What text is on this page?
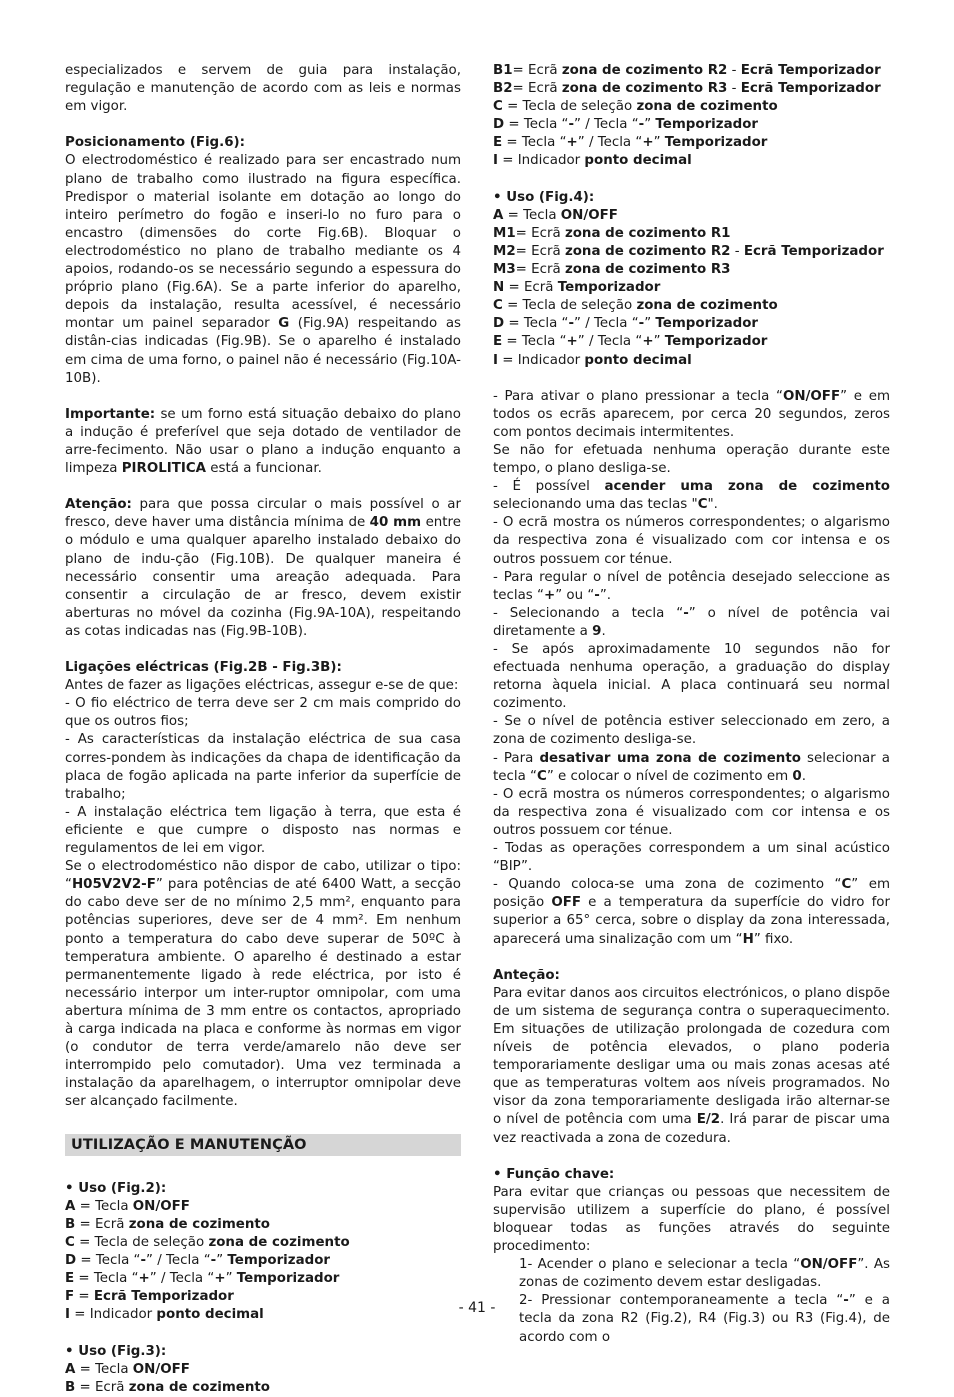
especializados e servem de guia para instalação, regulação e manutenção de acordo com as leis e normas em vigor.

Posicionamento (Fig.6):

O electrodoméstico é realizado para ser encastrado num plano de trabalho como ilustrado na figura específica. Predispor o material isolante em dotação ao longo do inteiro perímetro do fogão e inseri-lo no furo para o encastro (dimensões do corte Fig.6B). Bloquar o electrodoméstico no plano de trabalho mediante os 4 apoios, rodando-os se necessário segundo a espessura do próprio plano (Fig.6A). Se a parte inferior do aparelho, depois da instalação, resulta acessível, é necessário montar um painel separador G (Fig.9A) respeitando as distân-cias indicadas (Fig.9B). Se o aparelho é instalado em cima de uma forno, o painel não é necessário (Fig.10A-10B).

Importante: se um forno está situação debaixo do plano a indução é preferível que seja dotado de ventilador de arre-fecimento. Não usar o plano a indução enquanto a limpeza PIROLITICA está a funcionar.

Atenção: para que possa circular o mais possível o ar fresco, deve haver uma distância mínima de 40 mm entre o módulo e uma qualquer aparelho instalado debaixo do plano de indu-ção (Fig.10B). De qualquer maneira é necessário consentir uma areação adequada. Para consentir a circulação de ar fresco, devem existir aberturas no móvel da cozinha (Fig.9A-10A), respeitando as cotas indicadas nas (Fig.9B-10B).

Ligações eléctricas (Fig.2B - Fig.3B):

Antes de fazer as ligações eléctricas, assegur e-se de que:

- O fio eléctrico de terra deve ser 2 cm mais comprido do que os outros fios;

- As características da instalação eléctrica de sua casa corres-pondem às indicações da chapa de identificação da placa de fogão aplicada na parte inferior da superfície de trabalho;

- A instalação eléctrica tem ligação à terra, que esta é eficiente e que cumpre o disposto nas normas e regulamentos de lei em vigor.

Se o electrodoméstico não dispor de cabo, utilizar o tipo: “H05V2V2-F” para potências de até 6400 Watt, a secção do cabo deve ser de no mínimo 2,5 mm², enquanto para potências superiores, deve ser de 4 mm². Em nenhum ponto a temperatura do cabo deve superar de 50ºC à temperatura ambiente. O aparelho é destinado a estar permanentemente ligado à rede eléctrica, por isto é necessário interpor um inter-ruptor omnipolar, com uma abertura mínima de 3 mm entre os contactos, apropriado à carga indicada na placa e conforme às normas em vigor (o condutor de terra verde/amarelo não deve ser interrompido pelo comutador). Uma vez terminada a instalação da aparelhagem, o interruptor omnipolar deve ser alcançado facilmente.

UTILIZAÇÃO E MANUTENÇÃO

• Uso (Fig.2):

A = Tecla ON/OFF

B = Ecrã zona de cozimento

C = Tecla de seleção zona de cozimento

D = Tecla “-” / Tecla “-” Temporizador

E = Tecla “+” / Tecla “+” Temporizador

F = Ecrã Temporizador

I = Indicador ponto decimal

• Uso (Fig.3):

A = Tecla ON/OFF

B = Ecrã zona de cozimento

B1= Ecrã zona de cozimento R2 - Ecrã Temporizador

B2= Ecrã zona de cozimento R3 - Ecrã Temporizador

C = Tecla de seleção zona de cozimento

D = Tecla “-” / Tecla “-” Temporizador

E = Tecla “+” / Tecla “+” Temporizador

I = Indicador ponto decimal

• Uso (Fig.4):

A = Tecla ON/OFF

M1= Ecrã zona de cozimento R1

M2= Ecrã zona de cozimento R2 - Ecrã Temporizador

M3= Ecrã zona de cozimento R3

N = Ecrã Temporizador

C = Tecla de seleção zona de cozimento

D = Tecla “-” / Tecla “-” Temporizador

E = Tecla “+” / Tecla “+” Temporizador

I = Indicador ponto decimal

- Para ativar o plano pressionar a tecla “ON/OFF” e em todos os ecrãs aparecem, por cerca 20 segundos, zeros com pontos decimais intermitentes.

Se não for efetuada nenhuma operação durante este tempo, o plano desliga-se.

- É possível acender uma zona de cozimento selecionando uma das teclas "C".

- O ecrã mostra os números correspondentes; o algarismo da respectiva zona é visualizado com cor intensa e os outros possuem cor ténue.

- Para regular o nível de potência desejado seleccione as teclas “+” ou “-”.

- Selecionando a tecla “-” o nível de potência vai diretamente a 9.

- Se após aproximadamente 10 segundos não for efectuada nenhuma operação, a graduação do display retorna àquela inicial. A placa continuará seu normal cozimento.

- Se o nível de potência estiver seleccionado em zero, a zona de cozimento desliga-se.

- Para desativar uma zona de cozimento selecionar a tecla “C” e colocar o nível de cozimento em 0.

- O ecrã mostra os números correspondentes; o algarismo da respectiva zona é visualizado com cor intensa e os outros possuem cor ténue.

- Todas as operações correspondem a um sinal acústico “BIP”.

- Quando coloca-se uma zona de cozimento “C” em posição OFF e a temperatura da superfície do vidro for superior a 65° cerca, sobre o display da zona interessada, aparecerá uma sinalização com um “H” fixo.

Anteção:

Para evitar danos aos circuitos electrónicos, o plano dispõe de um sistema de segurança contra o superaquecimento. Em situações de utilização prolongada de cozedura com níveis de potência elevados, o plano poderia temporariamente desligar uma ou mais zonas acesas até que as temperaturas voltem aos níveis programados. No visor da zona temporariamente desligada irão alternar-se o nível de potência com uma E/2. Irá parar de piscar uma vez reactivada a zona de cozedura.

• Função chave:

Para evitar que crianças ou pessoas que necessitem de supervisão utilizem a superfície do plano, é possível bloquear todas as funções através do seguinte procedimento:

1- Acender o plano e selecionar a tecla “ON/OFF”. As zonas de cozimento devem estar desligadas.

2- Pressionar contemporaneamente a tecla “-” e a tecla da zona R2 (Fig.2), R4 (Fig.3) ou R3 (Fig.4), de acordo com o

- 41 -
